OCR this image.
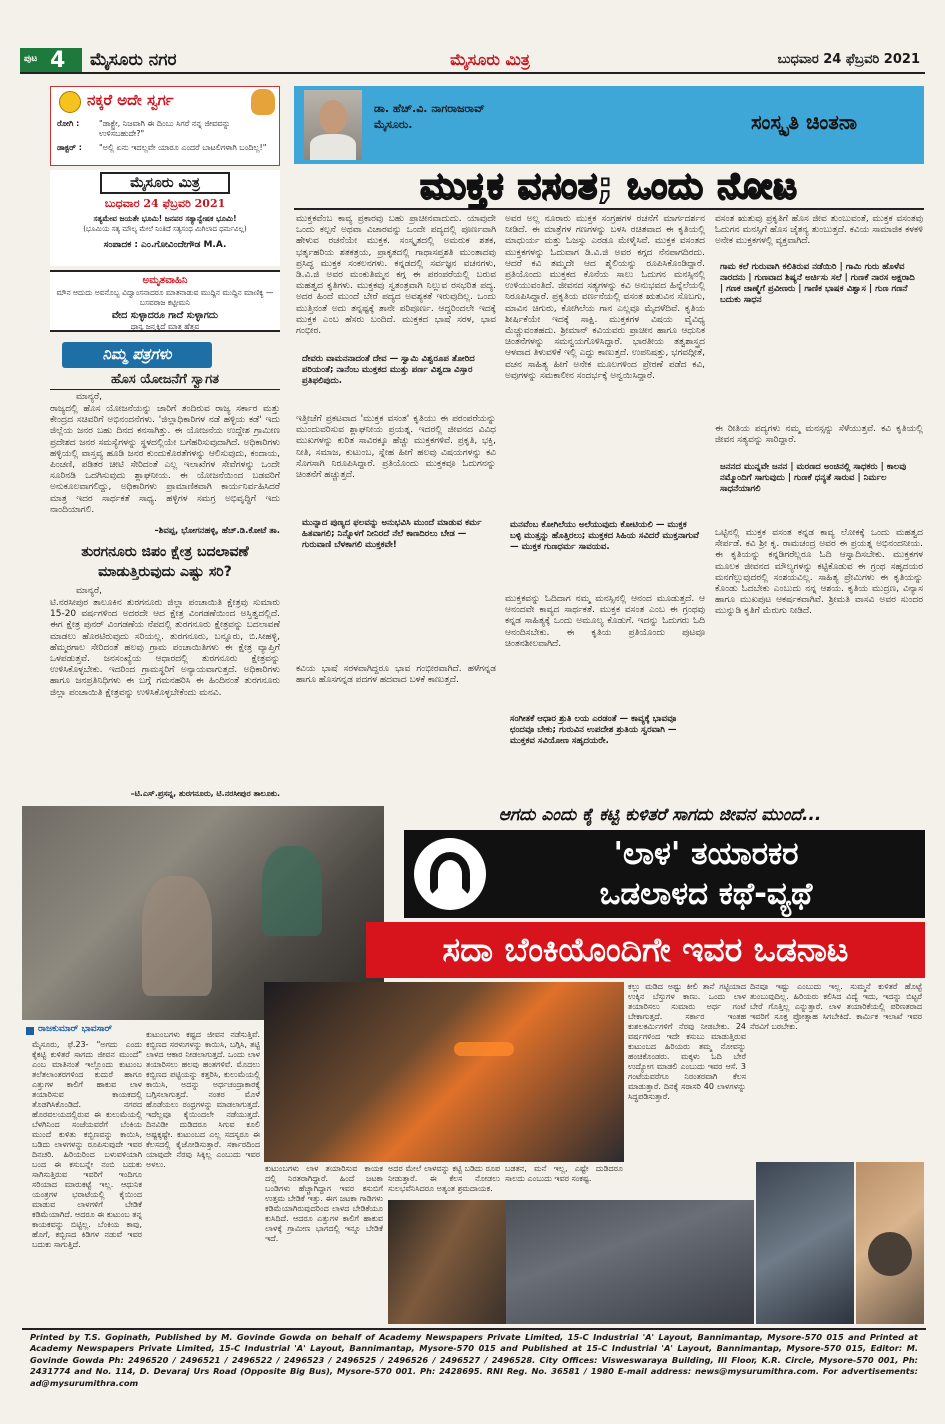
ಪುಟ 4 ಮೈಸೂರು ನಗರ	ಮೈಸೂರು ಮಿತ್ರ	ಬುಧವಾರ 24 ಫೆಬ್ರವರಿ 2021
ನಕ್ಕರೆ ಅದೇ ಸ್ವರ್ಗ
ರೋಗಿ :	"ಡಾಕ್ಟ್ರೇ, ನಿಜವಾಗಿ ಈ ದಿಂಬು ಸಿಗರೆ ನನ್ನ ಜೀವವನ್ನು ಉಳಿಸಬಹುದೇ?"
ಡಾಕ್ಟರ್ :	"ಅಲ್ಲಿ ಏನು ಇದಲ್ಲವೇ ಯಾರೂ ಎಂದರೆ ಬಾಟಲಿಗಳಾಗಿ ಬಂದಿಲ್ಲ!"
ಮೈಸೂರು ಮಿತ್ರ
ಬುಧವಾರ 24 ಫೆಬ್ರವರಿ 2021
ಸತ್ಯಮೇವ ಜಯತೇ ಭೂಮಿ! ಜನಪರ ಸತ್ಯಾನ್ವೇಷಕ ಭೂಮಿ!
(ಭೂಮಿಯ ಸತ್ಯ ಮೌಲ್ಯ ಮೇಲೆ ನಿಂತಿದೆ ಸತ್ಯಸಂಧ ಮಿಗಿಲಾದ ಧರ್ಮವಿಲ್ಲ)
ಸಂಪಾದಕ : ಎಂ.ಗೋವಿಂದೇಗೌಡ M.A.
ಅಮೃತವಾಹಿನಿ
ಮೌನ ಆದುದು ಅವನೊಬ್ಬ ವಿದ್ವಾಂಸನಾದರೂ ಮಾತನಾಡುವ ಮುದ್ದಿನ ಮುದ್ದಿನ ಮಾಣಿಕ್ಯ — ಬಸವರಾಜ ಕಟ್ಟೀಮನಿ
ವೇದ ಸುಳ್ಳಾದರೂ ಗಾದೆ ಸುಳ್ಳಾಗದು
ಧಾನ್ಯ ಜನ್ಮಕ್ಕಿದೆ ಮಾತ್ರ ಹೆತ್ತವ
ನಿಮ್ಮ ಪತ್ರಗಳು
ಹೊಸ ಯೋಜನೆಗೆ ಸ್ವಾಗತ
ಮಾನ್ಯರೆ,
ರಾಜ್ಯದಲ್ಲಿ ಹೊಸ ಯೋಜನೆಯನ್ನು ಜಾರಿಗೆ ತಂದಿರುವ ರಾಜ್ಯ ಸರ್ಕಾರ ಮತ್ತು ಕೇಂದ್ರದ ಸಚಿವರಿಗೆ ಅಭಿನಂದನೆಗಳು. 'ಜಿಲ್ಲಾಧಿಕಾರಿಗಳ ನಡೆ ಹಳ್ಳಿಯ ಕಡೆ' ಇದು ಜಿಲ್ಲೆಯ ಜನರ ಬಹು ದಿನದ ಕನಸಾಗಿತ್ತು. ಈ ಯೋಜನೆಯ ಉದ್ದೇಶ ಗ್ರಾಮೀಣ ಪ್ರದೇಶದ ಜನರ ಸಮಸ್ಯೆಗಳನ್ನು ಸ್ಥಳದಲ್ಲಿಯೇ ಬಗೆಹರಿಸುವುದಾಗಿದೆ. ಅಧಿಕಾರಿಗಳು ಹಳ್ಳಿಯಲ್ಲಿ ವಾಸ್ತವ್ಯ ಹೂಡಿ ಜನರ ಕುಂದುಕೊರತೆಗಳನ್ನು ಆಲಿಸುವುದು, ಕಂದಾಯ, ಪಿಂಚಣಿ, ಪಡಿತರ ಚೀಟಿ ಸೇರಿದಂತೆ ಎಲ್ಲ ಇಲಾಖೆಗಳ ಸೇವೆಗಳನ್ನು ಒಂದೇ ಸೂರಿನಡಿ ಒದಗಿಸುವುದು ಶ್ಲಾಘನೀಯ. ಈ ಯೋಜನೆಯಿಂದ ಬಡವರಿಗೆ ಅನುಕೂಲವಾಗಲಿದ್ದು, ಅಧಿಕಾರಿಗಳು ಪ್ರಾಮಾಣಿಕವಾಗಿ ಕಾರ್ಯನಿರ್ವಹಿಸಿದರೆ ಮಾತ್ರ ಇದರ ಸಾರ್ಥಕತೆ ಸಾಧ್ಯ. ಹಳ್ಳಿಗಳ ಸಮಗ್ರ ಅಭಿವೃದ್ಧಿಗೆ ಇದು ನಾಂದಿಯಾಗಲಿ.
–ಶಿವಪ್ಪ, ಭೋಗನಹಳ್ಳಿ, ಹೆಚ್.ಡಿ.ಕೋಟೆ ತಾ.
ತುರಗನೂರು ಜಿಪಂ ಕ್ಷೇತ್ರ ಬದಲಾವಣೆ ಮಾಡುತ್ತಿರುವುದು ಎಷ್ಟು ಸರಿ?
ಮಾನ್ಯರೆ,
ಟಿ.ನರಸೀಪುರ ತಾಲೂಕಿನ ತುರಗನೂರು ಜಿಲ್ಲಾ ಪಂಚಾಯಿತಿ ಕ್ಷೇತ್ರವು ಸುಮಾರು 15-20 ವರ್ಷಗಳಿಂದ ಅದರದೇ ಆದ ಕ್ಷೇತ್ರ ವಿಂಗಡಣೆಯಿಂದ ಅಸ್ತಿತ್ವದಲ್ಲಿದೆ. ಈಗ ಕ್ಷೇತ್ರ ಪುನರ್ ವಿಂಗಡಣೆಯ ನೆಪದಲ್ಲಿ ತುರಗನೂರು ಕ್ಷೇತ್ರವನ್ನು ಬದಲಾವಣೆ ಮಾಡಲು ಹೊರಟಿರುವುದು ಸರಿಯಲ್ಲ. ತುರಗನೂರು, ಬನ್ನೂರು, ಬಿ.ಸೀಹಳ್ಳಿ, ಹೆಮ್ಮರಗಾಲ ಸೇರಿದಂತೆ ಹಲವು ಗ್ರಾಮ ಪಂಚಾಯಿತಿಗಳು ಈ ಕ್ಷೇತ್ರ ವ್ಯಾಪ್ತಿಗೆ ಒಳಪಡುತ್ತವೆ. ಜನಸಂಖ್ಯೆಯ ಆಧಾರದಲ್ಲಿ ತುರಗನೂರು ಕ್ಷೇತ್ರವನ್ನು ಉಳಿಸಿಕೊಳ್ಳಬೇಕು. ಇದರಿಂದ ಗ್ರಾಮಸ್ಥರಿಗೆ ಅನ್ಯಾಯವಾಗುತ್ತದೆ. ಅಧಿಕಾರಿಗಳು ಹಾಗೂ ಜನಪ್ರತಿನಿಧಿಗಳು ಈ ಬಗ್ಗೆ ಗಮನಹರಿಸಿ ಈ ಹಿಂದಿನಂತೆ ತುರಗನೂರು ಜಿಲ್ಲಾ ಪಂಚಾಯಿತಿ ಕ್ಷೇತ್ರವನ್ನು ಉಳಿಸಿಕೊಳ್ಳಬೇಕೆಂದು ಮನವಿ.
–ಟಿ.ಎಸ್.ಪ್ರಸನ್ನ, ತುರಗನೂರು, ಟಿ.ನರಸೀಪುರ ತಾಲೂಕು.
ಡಾ. ಹೆಚ್.ವಿ. ನಾಗರಾಜರಾವ್
ಮೈಸೂರು.	ಸಂಸ್ಕೃತಿ ಚಿಂತನಾ
ಮುಕ್ತಕ ವಸಂತ; ಒಂದು ನೋಟ
ಮುಕ್ತಕವೆಂಬ ಕಾವ್ಯ ಪ್ರಕಾರವು ಬಹು ಪ್ರಾಚೀನವಾದುದು. ಯಾವುದೇ ಒಂದು ಕಲ್ಪನೆ ಅಥವಾ ವಿಚಾರವನ್ನು ಒಂದೇ ಪದ್ಯದಲ್ಲಿ ಪೂರ್ಣವಾಗಿ ಹೇಳುವ ರಚನೆಯೇ ಮುಕ್ತಕ. ಸಂಸ್ಕೃತದಲ್ಲಿ ಅಮರುಕ ಶತಕ, ಭರ್ತೃಹರಿಯ ಶತಕತ್ರಯ, ಪ್ರಾಕೃತದಲ್ಲಿ ಗಾಥಾಸಪ್ತಶತಿ ಮುಂತಾದವು ಪ್ರಸಿದ್ಧ ಮುಕ್ತಕ ಸಂಕಲನಗಳು. ಕನ್ನಡದಲ್ಲಿ ಸರ್ವಜ್ಞನ ವಚನಗಳು, ಡಿ.ವಿ.ಜಿ ಅವರ ಮಂಕುತಿಮ್ಮನ ಕಗ್ಗ ಈ ಪರಂಪರೆಯಲ್ಲಿ ಬರುವ ಮಹತ್ವದ ಕೃತಿಗಳು. ಮುಕ್ತಕವು ಸ್ವತಂತ್ರವಾಗಿ ನಿಲ್ಲುವ ರಸಭರಿತ ಪದ್ಯ. ಅದರ ಹಿಂದೆ ಮುಂದೆ ಬೇರೆ ಪದ್ಯದ ಅವಶ್ಯಕತೆ ಇರುವುದಿಲ್ಲ. ಒಂದು ಮುತ್ತಿನಂತೆ ಅದು ತನ್ನಷ್ಟಕ್ಕೆ ತಾನೇ ಪರಿಪೂರ್ಣ. ಆದ್ದರಿಂದಲೇ ಇದಕ್ಕೆ ಮುಕ್ತಕ ಎಂಬ ಹೆಸರು ಬಂದಿದೆ. ಮುಕ್ತಕದ ಭಾಷೆ ಸರಳ, ಭಾವ ಗಂಭೀರ.
ದೇವರು ವಾಮನನಾದಂತೆ ದೇವ — ಸ್ವಾಮಿ ವಿಶ್ವರೂಪ ತೋರಿದ ಪರಿಯಂತೆ; ನಾನೆಂಬ ಮುಕ್ತಕದ ಮುತ್ತು ಪರ್ಣ ವಿಶ್ವದಾ ವಿಸ್ತಾರ ಪ್ರತಿಫಲಿಪುದು.
ಇತ್ತೀಚೆಗೆ ಪ್ರಕಟವಾದ 'ಮುಕ್ತಕ ವಸಂತ' ಕೃತಿಯು ಈ ಪರಂಪರೆಯನ್ನು ಮುಂದುವರಿಸುವ ಶ್ಲಾಘನೀಯ ಪ್ರಯತ್ನ. ಇದರಲ್ಲಿ ಜೀವನದ ವಿವಿಧ ಮುಖಗಳನ್ನು ಕುರಿತ ಸಾವಿರಕ್ಕೂ ಹೆಚ್ಚು ಮುಕ್ತಕಗಳಿವೆ. ಪ್ರಕೃತಿ, ಭಕ್ತಿ, ನೀತಿ, ಸಮಾಜ, ಕುಟುಂಬ, ಸ್ನೇಹ ಹೀಗೆ ಹಲವು ವಿಷಯಗಳನ್ನು ಕವಿ ಸೊಗಸಾಗಿ ನಿರೂಪಿಸಿದ್ದಾರೆ. ಪ್ರತಿಯೊಂದು ಮುಕ್ತಕವೂ ಓದುಗನನ್ನು ಚಿಂತನೆಗೆ ಹಚ್ಚುತ್ತದೆ.
ಮುನ್ನಾದ ಪುಣ್ಯದ ಫಲವನ್ನು ಅನುಭವಿಸಿ ಮುಂದೆ ಮಾಡುವ ಕರ್ಮ ಹಿತವಾಗಲಿ; ನಿನ್ನೊಳಗೆ ನೀನಿರದೆ ನೆಲೆ ಕಾಣದಿರಲು ಬೇಡ — ಗುರುವಾಣಿ ಬೆಳಕಾಗಲಿ ಮುಕ್ತಕವೇ!
ಕವಿಯ ಭಾಷೆ ಸರಳವಾಗಿದ್ದರೂ ಭಾವ ಗಂಭೀರವಾಗಿದೆ. ಹಳೆಗನ್ನಡ ಹಾಗೂ ಹೊಸಗನ್ನಡ ಪದಗಳ ಹದವಾದ ಬಳಕೆ ಕಾಣುತ್ತದೆ.
ಅವರ ಅಲ್ಲ ನೂರಾರು ಮುಕ್ತಕ ಸಂಗ್ರಹಗಳ ರಚನೆಗೆ ಮಾರ್ಗದರ್ಶನ ನೀಡಿದೆ. ಈ ಮಾತ್ರೆಗಳ ಗಣಗಳನ್ನು ಬಳಸಿ ರಚಿತವಾದ ಈ ಕೃತಿಯಲ್ಲಿ ಮಾಧುರ್ಯ ಮತ್ತು ಓಜಸ್ಸು ಎರಡೂ ಮೇಳೈಸಿವೆ. ಮುಕ್ತಕ ವಸಂತದ ಮುಕ್ತಕಗಳನ್ನು ಓದುವಾಗ ಡಿ.ವಿ.ಜಿ ಅವರ ಕಗ್ಗದ ನೆನಪಾಗದಿರದು. ಆದರೆ ಕವಿ ತಮ್ಮದೇ ಆದ ಶೈಲಿಯನ್ನು ರೂಪಿಸಿಕೊಂಡಿದ್ದಾರೆ. ಪ್ರತಿಯೊಂದು ಮುಕ್ತಕದ ಕೊನೆಯ ಸಾಲು ಓದುಗನ ಮನಸ್ಸಿನಲ್ಲಿ ಉಳಿಯುವಂತಿದೆ. ಜೀವನದ ಸತ್ಯಗಳನ್ನು ಕವಿ ಅನುಭವದ ಹಿನ್ನೆಲೆಯಲ್ಲಿ ನಿರೂಪಿಸಿದ್ದಾರೆ. ಪ್ರಕೃತಿಯ ವರ್ಣನೆಯಲ್ಲಿ ವಸಂತ ಋತುವಿನ ಸೊಬಗು, ಮಾವಿನ ಚಿಗುರು, ಕೋಗಿಲೆಯ ಗಾನ ಎಲ್ಲವೂ ಮೈದಳೆದಿವೆ. ಕೃತಿಯ ಶೀರ್ಷಿಕೆಯೇ ಇದಕ್ಕೆ ಸಾಕ್ಷಿ. ಮುಕ್ತಕಗಳ ವಿಷಯ ವೈವಿಧ್ಯ ಮೆಚ್ಚುವಂತಹದು. ಶ್ರೀಮಾನ್ ಕವಿಯವರು ಪ್ರಾಚೀನ ಹಾಗೂ ಆಧುನಿಕ ಚಿಂತನೆಗಳನ್ನು ಸಮನ್ವಯಗೊಳಿಸಿದ್ದಾರೆ. ಭಾರತೀಯ ತತ್ವಶಾಸ್ತ್ರದ ಆಳವಾದ ತಿಳುವಳಿಕೆ ಇಲ್ಲಿ ಎದ್ದು ಕಾಣುತ್ತದೆ. ಉಪನಿಷತ್ತು, ಭಗವದ್ಗೀತೆ, ವಚನ ಸಾಹಿತ್ಯ ಹೀಗೆ ಅನೇಕ ಮೂಲಗಳಿಂದ ಪ್ರೇರಣೆ ಪಡೆದ ಕವಿ, ಅವುಗಳನ್ನು ಸಮಕಾಲೀನ ಸಂದರ್ಭಕ್ಕೆ ಅನ್ವಯಿಸಿದ್ದಾರೆ.
ಮನವೆಂಬ ಕೋಗಿಲೆಯು ಅಲೆಯುವುದು ಕೋಟಿಯಲಿ — ಮುಕ್ತಕ ಬಳ್ಳಿ ಮುತ್ತನ್ನು ಹೊತ್ತಿರಲು; ಮುಕ್ತಕದ ಸಿಹಿಯ ಸವಿದರೆ ಮುಕ್ತನಾಗುವೆ — ಮುಕ್ತಕ ಗುಣಧರ್ಮ ಸಾವಯವ.
ಮುಕ್ತಕವನ್ನು ಓದಿದಾಗ ನಮ್ಮ ಮನಸ್ಸಿನಲ್ಲಿ ಆನಂದ ಮೂಡುತ್ತದೆ. ಆ ಆನಂದವೇ ಕಾವ್ಯದ ಸಾರ್ಥಕತೆ. ಮುಕ್ತಕ ವಸಂತ ಎಂಬ ಈ ಗ್ರಂಥವು ಕನ್ನಡ ಸಾಹಿತ್ಯಕ್ಕೆ ಒಂದು ಅಮೂಲ್ಯ ಕೊಡುಗೆ. ಇದನ್ನು ಓದುಗರು ಓದಿ ಆನಂದಿಸಬೇಕು. ಈ ಕೃತಿಯ ಪ್ರತಿಯೊಂದು ಪುಟವೂ ಚಿಂತನಶೀಲವಾಗಿದೆ.
ಸಂಗೀತಕೆ ಆಧಾರ ಶ್ರುತಿ ಲಯ ಎರಡಂತೆ — ಕಾವ್ಯಕ್ಕೆ ಭಾವವೂ ಛಂದವೂ ಬೇಕು; ಗುರುವಿನ ಉಪದೇಶ ಶ್ರುತಿಯ ಸ್ವರವಾಗಿ — ಮುಕ್ತಕವ ಸವಿಯೋಣ ಸಹೃದಯರೇ.
ವಸಂತ ಋತುವು ಪ್ರಕೃತಿಗೆ ಹೊಸ ಜೀವ ತುಂಬುವಂತೆ, ಮುಕ್ತಕ ವಸಂತವು ಓದುಗನ ಮನಸ್ಸಿಗೆ ಹೊಸ ಚೈತನ್ಯ ತುಂಬುತ್ತದೆ. ಕವಿಯ ಸಾಮಾಜಿಕ ಕಳಕಳಿ ಅನೇಕ ಮುಕ್ತಕಗಳಲ್ಲಿ ವ್ಯಕ್ತವಾಗಿದೆ.
ಗಾಮ ಕಲೆ ಗುರುವಾಗಿ ಕಲಿತಿರುವ ನಡೆಯಿರಿ | ಗಾಮಿ ಗುರು ಹೊಳೆವ ನಾರದನು | ಗುಣವಾದ ಶಿಷ್ಯನೆ ಅರ್ಚಿಸು ಸಲೆ | ಗುಣಕೆ ನಾರಸ ಅಕ್ಷರಾದಿ | ಗಣಕ ಜಾಣ್ಮೆಗೆ ಪ್ರವೀಣರು | ಗಾಣಿಕ ಭಾಷಕ ವಿಶ್ವಾಸ | ಗುಣ ಗಣನೆ ಬದುಕು ಸಾಧನ
ಈ ರೀತಿಯ ಪದ್ಯಗಳು ನಮ್ಮ ಮನಸ್ಸನ್ನು ಸೆಳೆಯುತ್ತವೆ. ಕವಿ ಕೃತಿಯಲ್ಲಿ ಜೀವನ ಸತ್ಯವನ್ನು ಸಾರಿದ್ದಾರೆ.
ಜನನದ ಮುನ್ನವೇ ಜನನ | ಮರಣದ ಅಂಚಿನಲ್ಲಿ ಸಾಧಕರು | ಕಾಲವು ನಮ್ಮೊಂದಿಗೆ ಸಾಗುವುದು | ಗುಣಕೆ ಧನ್ಯತೆ ಸಾರುವ | ನಿರ್ಮಲ ಸಾಧನೆಯಾಗಲಿ
ಒಟ್ಟಿನಲ್ಲಿ ಮುಕ್ತಕ ವಸಂತ ಕನ್ನಡ ಕಾವ್ಯ ಲೋಕಕ್ಕೆ ಒಂದು ಮಹತ್ವದ ಸೇರ್ಪಡೆ. ಕವಿ ಶ್ರೀ ಕೃ. ರಾಮಚಂದ್ರ ಅವರ ಈ ಪ್ರಯತ್ನ ಅಭಿನಂದನೀಯ. ಈ ಕೃತಿಯನ್ನು ಕನ್ನಡಿಗರೆಲ್ಲರೂ ಓದಿ ಆಸ್ವಾದಿಸಬೇಕು. ಮುಕ್ತಕಗಳ ಮೂಲಕ ಜೀವನದ ಮೌಲ್ಯಗಳನ್ನು ಕಟ್ಟಿಕೊಡುವ ಈ ಗ್ರಂಥ ಸಹೃದಯರ ಮನಗೆಲ್ಲುವುದರಲ್ಲಿ ಸಂಶಯವಿಲ್ಲ. ಸಾಹಿತ್ಯ ಪ್ರೇಮಿಗಳು ಈ ಕೃತಿಯನ್ನು ಕೊಂಡು ಓದಬೇಕು ಎಂಬುದು ನನ್ನ ಆಶಯ. ಕೃತಿಯ ಮುದ್ರಣ, ವಿನ್ಯಾಸ ಹಾಗೂ ಮುಖಪುಟ ಆಕರ್ಷಕವಾಗಿವೆ. ಶ್ರೀಮತಿ ವಾಸವಿ ಅವರ ಸುಂದರ ಮುನ್ನುಡಿ ಕೃತಿಗೆ ಮೆರುಗು ನೀಡಿದೆ.
ಆಗದು ಎಂದು ಕೈ ಕಟ್ಟಿ ಕುಳಿತರೆ ಸಾಗದು ಜೀವನ ಮುಂದೆ...
'ಲಾಳ' ತಯಾರಕರ
ಒಡಲಾಳದ ಕಥೆ-ವ್ಯಥೆ
ಸದಾ ಬೆಂಕಿಯೊಂದಿಗೇ ಇವರ ಒಡನಾಟ
ರಾಜಕುಮಾರ್ ಭಾವಸಾರ್
ಮೈಸೂರು, ಫೆ.23- "ಅಗದು ಎಂದು ಕೈಕಟ್ಟಿ ಕುಳಿತರೆ ಸಾಗದು ಜೀವನ ಮುಂದೆ" ಎಂಬ ಮಾತಿನಂತೆ ಇಲ್ಲೊಂದು ಕುಟುಂಬ ತಲೆತಲಾಂತರಗಳಿಂದ ಕುದುರೆ ಹಾಗೂ ಎತ್ತುಗಳ ಕಾಲಿಗೆ ಹಾಕುವ ಲಾಳ ತಯಾರಿಸುವ ಕಾಯಕದಲ್ಲಿ ತೊಡಗಿಸಿಕೊಂಡಿದೆ. ನಗರದ ಹೊರವಲಯದಲ್ಲಿರುವ ಈ ಕುಲುಮೆಯಲ್ಲಿ ಬೆಳಗಿನಿಂದ ಸಂಜೆಯವರೆಗೆ ಬೆಂಕಿಯ ಮುಂದೆ ಕುಳಿತು ಕಬ್ಬಿಣವನ್ನು ಕಾಯಿಸಿ, ಬಡಿದು ಲಾಳಗಳನ್ನು ರೂಪಿಸುವುದೇ ಇವರ ದಿನಚರಿ. ಹಿರಿಯರಿಂದ ಬಳುವಳಿಯಾಗಿ ಬಂದ ಈ ಕಸುಬನ್ನೇ ನಂಬಿ ಬದುಕು ಸಾಗಿಸುತ್ತಿರುವ ಇವರಿಗೆ ಇಂದಿಗೂ ಸರಿಯಾದ ಮಾರುಕಟ್ಟೆ ಇಲ್ಲ. ಆಧುನಿಕ ಯಂತ್ರಗಳ ಭರಾಟೆಯಲ್ಲಿ ಕೈಯಿಂದ ಮಾಡುವ ಲಾಳಗಳಿಗೆ ಬೇಡಿಕೆ ಕಡಿಮೆಯಾಗಿದೆ. ಆದರೂ ಈ ಕುಟುಂಬ ತನ್ನ ಕಾಯಕವನ್ನು ಬಿಟ್ಟಿಲ್ಲ. ಬೆಂಕಿಯ ಕಾವು, ಹೊಗೆ, ಕಬ್ಬಿಣದ ಕಿಡಿಗಳ ನಡುವೆ ಇವರ ಬದುಕು ಸಾಗುತ್ತಿದೆ.
ಕುಟುಂಬಗಳು ಕಷ್ಟದ ಜೀವನ ನಡೆಸುತ್ತಿವೆ. ಕಬ್ಬಿಣದ ಸರಳುಗಳನ್ನು ಕಾಯಿಸಿ, ಬಗ್ಗಿಸಿ, ತಟ್ಟಿ ಲಾಳದ ಆಕಾರ ನೀಡಲಾಗುತ್ತದೆ. ಒಂದು ಲಾಳ ತಯಾರಿಸಲು ಹಲವು ಹಂತಗಳಿವೆ. ಮೊದಲು ಕಬ್ಬಿಣದ ಪಟ್ಟಿಯನ್ನು ಕತ್ತರಿಸಿ, ಕುಲುಮೆಯಲ್ಲಿ ಕಾಯಿಸಿ, ಅದನ್ನು ಅರ್ಧಚಂದ್ರಾಕಾರಕ್ಕೆ ಬಗ್ಗಿಸಲಾಗುತ್ತದೆ. ನಂತರ ಮೊಳೆ ಹೊಡೆಯಲು ರಂಧ್ರಗಳನ್ನು ಮಾಡಲಾಗುತ್ತದೆ. ಇದೆಲ್ಲವೂ ಕೈಯಿಂದಲೇ ನಡೆಯುತ್ತದೆ. ದಿನವಿಡೀ ದುಡಿದರೂ ಸಿಗುವ ಕೂಲಿ ಅಷ್ಟಕ್ಕಷ್ಟೇ. ಕುಟುಂಬದ ಎಲ್ಲ ಸದಸ್ಯರೂ ಈ ಕೆಲಸದಲ್ಲಿ ಕೈಜೋಡಿಸುತ್ತಾರೆ. ಸರ್ಕಾರದಿಂದ ಯಾವುದೇ ನೆರವು ಸಿಕ್ಕಿಲ್ಲ ಎಂಬುದು ಇವರ ಅಳಲು.	ಕುಟುಂಬಗಳು ಲಾಳ ತಯಾರಿಸುವ ಕಾಯಕ ದಲ್ಲಿ ನಿರತರಾಗಿದ್ದಾರೆ. ಹಿಂದೆ ಜಟಕಾ ಬಂಡಿಗಳು ಹೆಚ್ಚಾಗಿದ್ದಾಗ ಇವರ ಕಸುಬಿಗೆ ಉತ್ತಮ ಬೇಡಿಕೆ ಇತ್ತು. ಈಗ ಜಟಕಾ ಗಾಡಿಗಳು ಕಡಿಮೆಯಾಗಿರುವುದರಿಂದ ಲಾಳದ ಬೇಡಿಕೆಯೂ ಕುಸಿದಿದೆ. ಆದರೂ ಎತ್ತುಗಳ ಕಾಲಿಗೆ ಹಾಕುವ ಲಾಳಕ್ಕೆ ಗ್ರಾಮೀಣ ಭಾಗದಲ್ಲಿ ಇನ್ನೂ ಬೇಡಿಕೆ ಇದೆ.
ಅದರ ಮೇಲೆ ಲಾಳವನ್ನು ಕಟ್ಟಿ ಬಡಿದು ರೂಪ ನೀಡುತ್ತಾರೆ. ಈ ಕೆಲಸ ನೋಡಲು ಸುಲಭವೆನಿಸಿದರೂ ಅತ್ಯಂತ ಶ್ರಮದಾಯಕ.
ಬಡತನ, ಮನೆ ಇಲ್ಲ, ಎಷ್ಟೇ ದುಡಿದರೂ ಸಾಲದು ಎಂಬುದು ಇವರ ಸಂಕಷ್ಟ.
ಕಲ್ಲು ಮಡಿದ ಅಷ್ಟು ಕೀಲಿ ತಾನೆ ಗಟ್ಟಿಯಾದ ಉಕ್ಕಿನ ಬೆಸ್ತುಗಳ ಕಾಣು. ಒಂದು ಲಾಳ ತಯಾರಿಸಲು ಸುಮಾರು ಅರ್ಧ ಗಂಟೆ ಬೇಕಾಗುತ್ತದೆ. ಸರ್ಕಾರ ಇಂತಹ ಕುಶಲಕರ್ಮಿಗಳಿಗೆ ನೆರವು ನೀಡಬೇಕು. 24 ವರ್ಷಗಳಿಂದ ಇದೇ ಕಸುಬು ಮಾಡುತ್ತಿರುವ ಕುಟುಂಬದ ಹಿರಿಯರು ತಮ್ಮ ನೋವನ್ನು ಹಂಚಿಕೊಂಡರು. ಮಕ್ಕಳು ಓದಿ ಬೇರೆ ಉದ್ಯೋಗ ಮಾಡಲಿ ಎಂಬುದು ಇವರ ಆಸೆ. 3 ಗಂಟೆಯವರೆಗೂ ನಿರಂತರವಾಗಿ ಕೆಲಸ ಮಾಡುತ್ತಾರೆ. ದಿನಕ್ಕೆ ಸರಾಸರಿ 40 ಲಾಳಗಳನ್ನು ಸಿದ್ಧಪಡಿಸುತ್ತಾರೆ.
ದಿನವೂ ಇಷ್ಟು ಎಂಬುದು ಇಲ್ಲ. ಸುಮ್ಮನೆ ಕುಳಿತರೆ ಹೊಟ್ಟೆ ತುಂಬುವುದಿಲ್ಲ. ಹಿರಿಯರು ಕಲಿಸಿದ ವಿದ್ಯೆ ಇದು, ಇದನ್ನು ಬಿಟ್ಟರೆ ಬೇರೆ ಗೊತ್ತಿಲ್ಲ ಎನ್ನುತ್ತಾರೆ. ಲಾಳ ತಯಾರಿಕೆಯಲ್ಲಿ ಪರಿಣತರಾದ ಇವರಿಗೆ ಸೂಕ್ತ ಪ್ರೋತ್ಸಾಹ ಸಿಗಬೇಕಿದೆ. ಕಾರ್ಮಿಕ ಇಲಾಖೆ ಇವರ ನೆರವಿಗೆ ಬರಬೇಕು.
Printed by T.S. Gopinath, Published by M. Govinde Gowda on behalf of Academy Newspapers Private Limited, 15-C Industrial 'A' Layout, Bannimantap, Mysore-570 015 and Printed at Academy Newspapers Private Limited, 15-C Industrial 'A' Layout, Bannimantap, Mysore-570 015 and Published at 15-C Industrial 'A' Layout, Bannimantap, Mysore-570 015, Editor: M. Govinde Gowda Ph: 2496520 / 2496521 / 2496522 / 2496523 / 2496525 / 2496526 / 2496527 / 2496528. City Offices: Visweswaraya Building, III Floor, K.R. Circle, Mysore-570 001, Ph: 2431774 and No. 114, D. Devaraj Urs Road (Opposite Big Bus), Mysore-570 001. Ph: 2428695. RNI Reg. No. 36581 / 1980 E-mail address: news@mysurumithra.com. For advertisements: ad@mysurumithra.com
